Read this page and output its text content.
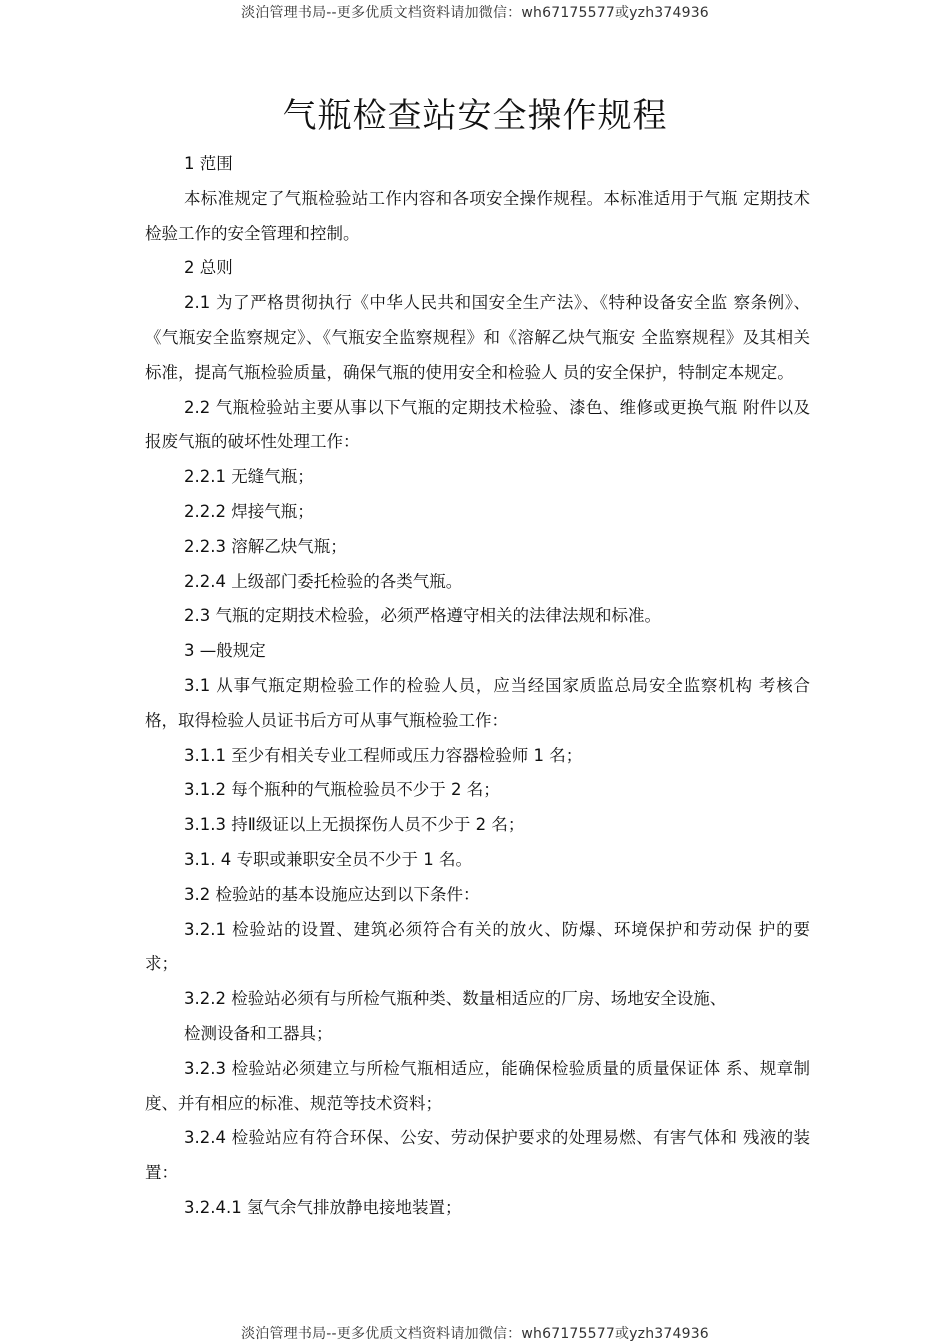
淡泊管理书局--更多优质文档资料请加微信：wh67175577或yzh374936
气瓶检查站安全操作规程

1 范围

本标准规定了气瓶检验站工作内容和各项安全操作规程。本标准适用于气瓶 定期技术检验工作的安全管理和控制。

2 总则

2.1 为了严格贯彻执行《中华人民共和国安全生产法》、《特种设备安全监 察条例》、《气瓶安全监察规定》、《气瓶安全监察规程》和《溶解乙炔气瓶安 全监察规程》及其相关标准，提高气瓶检验质量，确保气瓶的使用安全和检验人 员的安全保护，特制定本规定。

2.2 气瓶检验站主要从事以下气瓶的定期技术检验、漆色、维修或更换气瓶 附件以及报废气瓶的破坏性处理工作：

2.2.1 无缝气瓶；

2.2.2 焊接气瓶；

2.2.3 溶解乙炔气瓶；

2.2.4 上级部门委托检验的各类气瓶。

2.3 气瓶的定期技术检验，必须严格遵守相关的法律法规和标准。

3 —般规定

3.1 从事气瓶定期检验工作的检验人员，应当经国家质监总局安全监察机构 考核合格，取得检验人员证书后方可从事气瓶检验工作：

3.1.1 至少有相关专业工程师或压力容器检验师 1 名；

3.1.2 每个瓶种的气瓶检验员不少于 2 名；

3.1.3 持Ⅱ级证以上无损探伤人员不少于 2 名；

3.1. 4 专职或兼职安全员不少于 1 名。

3.2 检验站的基本设施应达到以下条件：

3.2.1 检验站的设置、建筑必须符合有关的放火、防爆、环境保护和劳动保 护的要求；

3.2.2 检验站必须有与所检气瓶种类、数量相适应的厂房、场地安全设施、

检测设备和工器具；

3.2.3 检验站必须建立与所检气瓶相适应，能确保检验质量的质量保证体 系、规章制度、并有相应的标准、规范等技术资料；

3.2.4 检验站应有符合环保、公安、劳动保护要求的处理易燃、有害气体和 残液的装置：

3.2.4.1 氢气余气排放静电接地装置；

淡泊管理书局--更多优质文档资料请加微信：wh67175577或yzh374936
